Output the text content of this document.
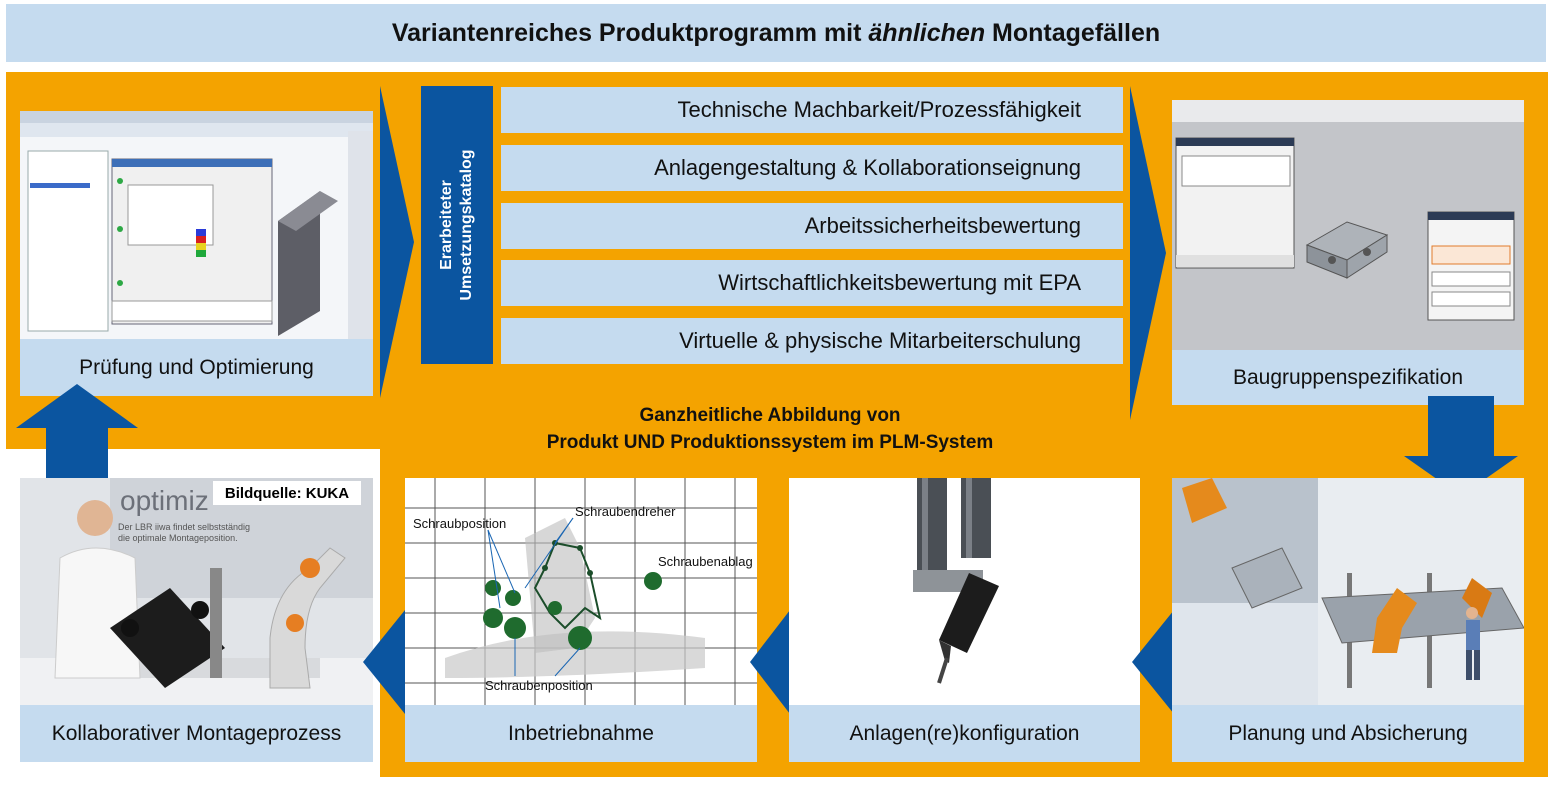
Variantenreiches Produktprogramm mit
ähnlichen
Montagefällen
Prüfung und Optimierung
Erarbeiteter Umsetzungskatalog
Technische Machbarkeit/Prozessfähigkeit
Anlagengestaltung & Kollaborationseignung
Arbeitssicherheitsbewertung
Wirtschaftlichkeitsbewertung mit EPA
Virtuelle & physische Mitarbeiterschulung
Ganzheitliche Abbildung von
Produkt UND Produktionssystem im PLM-System
Baugruppenspezifikation
optimiz
Der LBR iiwa findet selbstständig
die optimale Montageposition.
Bildquelle: KUKA
Kollaborativer Montageprozess
Schraubposition
Schraubendreher
Schraubenablag
Schraubenposition
Inbetriebnahme	Anlagen(re)konfiguration	Planung und Absicherung
